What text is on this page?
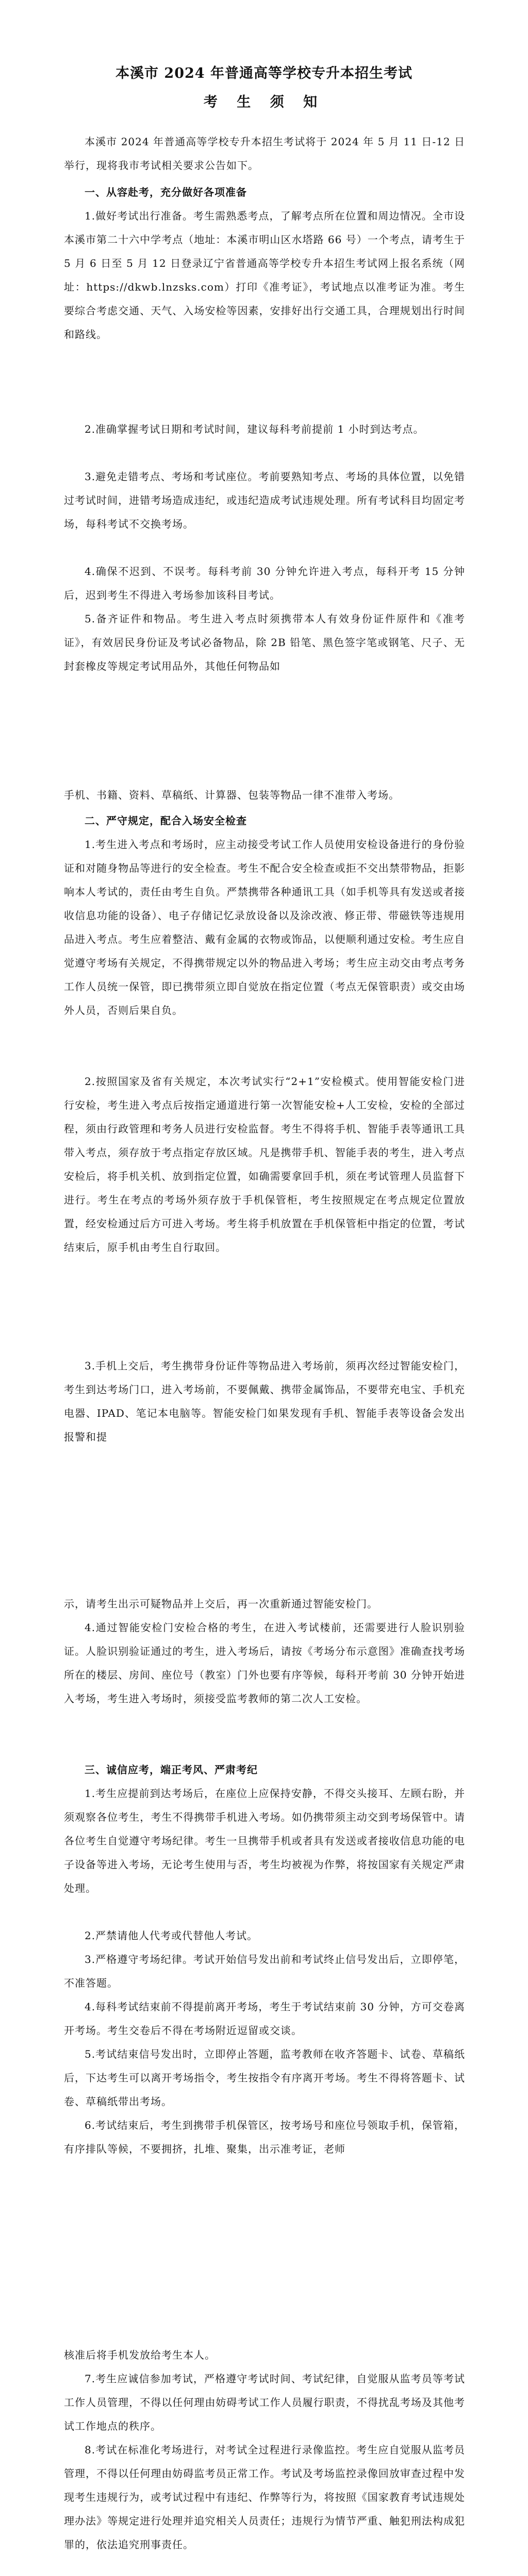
本溪市 2024 年普通高等学校专升本招生考试
考 生 须 知

本溪市 2024 年普通高等学校专升本招生考试将于 2024 年 5 月 11 日-12 日举行，现将我市考试相关要求公告如下。

一、从容赴考，充分做好各项准备

1.做好考试出行准备。考生需熟悉考点，了解考点所在位置和周边情况。全市设本溪市第二十六中学考点（地址：本溪市明山区水塔路 66 号）一个考点，请考生于 5 月 6 日至 5 月 12 日登录辽宁省普通高等学校专升本招生考试网上报名系统（网址：https://dkwb.lnzsks.com）打印《准考证》，考试地点以准考证为准。考生要综合考虑交通、天气、入场安检等因素，安排好出行交通工具，合理规划出行时间和路线。

2.准确掌握考试日期和考试时间，建议每科考前提前 1 小时到达考点。

3.避免走错考点、考场和考试座位。考前要熟知考点、考场的具体位置，以免错过考试时间，进错考场造成违纪，或违纪造成考试违规处理。所有考试科目均固定考场，每科考试不交换考场。

4.确保不迟到、不误考。每科考前 30 分钟允许进入考点，每科开考 15 分钟后，迟到考生不得进入考场参加该科目考试。

5.备齐证件和物品。考生进入考点时须携带本人有效身份证件原件和《准考证》，有效居民身份证及考试必备物品，除 2B 铅笔、黑色签字笔或钢笔、尺子、无封套橡皮等规定考试用品外，其他任何物品如

手机、书籍、资料、草稿纸、计算器、包装等物品一律不准带入考场。

二、严守规定，配合入场安全检查

1.考生进入考点和考场时，应主动接受考试工作人员使用安检设备进行的身份验证和对随身物品等进行的安全检查。考生不配合安全检查或拒不交出禁带物品，拒影响本人考试的，责任由考生自负。严禁携带各种通讯工具（如手机等具有发送或者接收信息功能的设备）、电子存储记忆录放设备以及涂改液、修正带、带磁铁等违规用品进入考点。考生应着整洁、戴有金属的衣物或饰品，以便顺利通过安检。考生应自觉遵守考场有关规定，不得携带规定以外的物品进入考场；考生应主动交由考点考务工作人员统一保管，即已携带须立即自觉放在指定位置（考点无保管职责）或交由场外人员，否则后果自负。

2.按照国家及省有关规定，本次考试实行“2+1”安检模式。使用智能安检门进行安检，考生进入考点后按指定通道进行第一次智能安检+人工安检，安检的全部过程，须由行政管理和考务人员进行安检监督。考生不得将手机、智能手表等通讯工具带入考点，须存放于考点指定存放区域。凡是携带手机、智能手表的考生，进入考点安检后，将手机关机、放到指定位置，如确需要拿回手机，须在考试管理人员监督下进行。考生在考点的考场外须存放于手机保管柜，考生按照规定在考点规定位置放置，经安检通过后方可进入考场。考生将手机放置在手机保管柜中指定的位置，考试结束后，原手机由考生自行取回。

3.手机上交后，考生携带身份证件等物品进入考场前，须再次经过智能安检门，考生到达考场门口，进入考场前，不要佩戴、携带金属饰品，不要带充电宝、手机充电器、IPAD、笔记本电脑等。智能安检门如果发现有手机、智能手表等设备会发出报警和提

示，请考生出示可疑物品并上交后，再一次重新通过智能安检门。

4.通过智能安检门安检合格的考生，在进入考试楼前，还需要进行人脸识别验证。人脸识别验证通过的考生，进入考场后，请按《考场分布示意图》准确查找考场所在的楼层、房间、座位号（教室）门外也要有序等候，每科开考前 30 分钟开始进入考场，考生进入考场时，须接受监考教师的第二次人工安检。

三、诚信应考，端正考风、严肃考纪

1.考生应提前到达考场后，在座位上应保持安静，不得交头接耳、左顾右盼，并须观察各位考生，考生不得携带手机进入考场。如仍携带须主动交到考场保管中。请各位考生自觉遵守考场纪律。考生一旦携带手机或者具有发送或者接收信息功能的电子设备等进入考场，无论考生使用与否，考生均被视为作弊，将按国家有关规定严肃处理。

2.严禁请他人代考或代替他人考试。

3.严格遵守考场纪律。考试开始信号发出前和考试终止信号发出后，立即停笔，不准答题。

4.每科考试结束前不得提前离开考场，考生于考试结束前 30 分钟，方可交卷离开考场。考生交卷后不得在考场附近逗留或交谈。

5.考试结束信号发出时，立即停止答题，监考教师在收齐答题卡、试卷、草稿纸后，下达考生可以离开考场指令，考生按指令有序离开考场。考生不得将答题卡、试卷、草稿纸带出考场。

6.考试结束后，考生到携带手机保管区，按考场号和座位号领取手机，保管箱，有序排队等候，不要拥挤，扎堆、聚集，出示准考证，老师

核准后将手机发放给考生本人。

7.考生应诚信参加考试，严格遵守考试时间、考试纪律，自觉服从监考员等考试工作人员管理，不得以任何理由妨碍考试工作人员履行职责，不得扰乱考场及其他考试工作地点的秩序。

8.考试在标准化考场进行，对考试全过程进行录像监控。考生应自觉服从监考员管理，不得以任何理由妨碍监考员正常工作。考试及考场监控录像回放审查过程中发现考生违规行为，或考试过程中有违纪、作弊等行为，将按照《国家教育考试违规处理办法》等规定进行处理并追究相关人员责任；违规行为情节严重、触犯刑法构成犯罪的，依法追究刑事责任。
